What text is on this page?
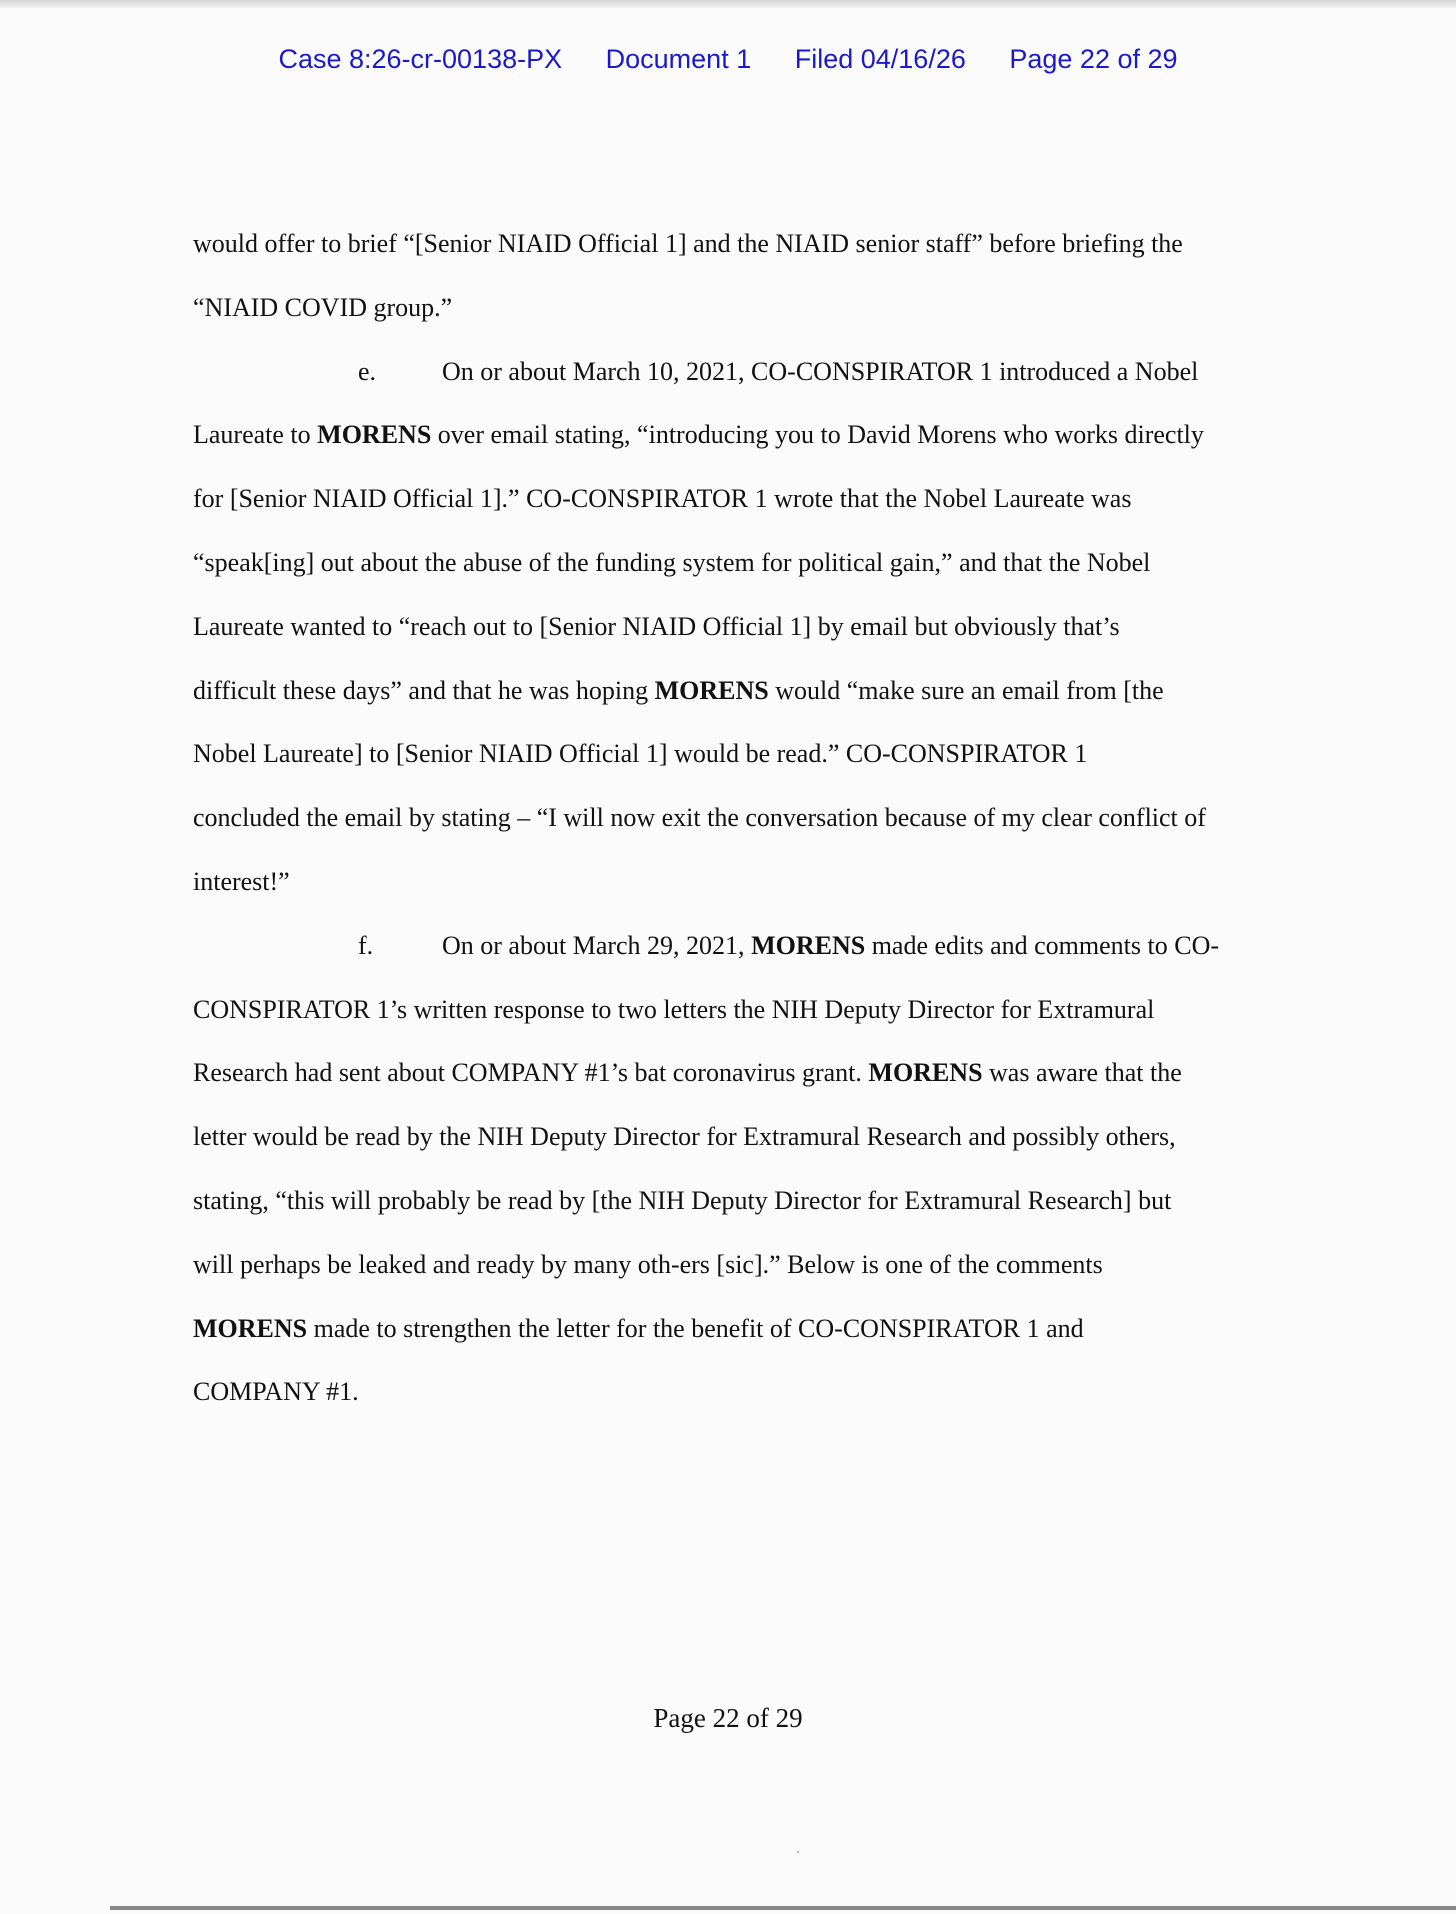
Case 8:26-cr-00138-PX Document 1 Filed 04/16/26 Page 22 of 29
would offer to brief “[Senior NIAID Official 1] and the NIAID senior staff” before briefing the
“NIAID COVID group.”
e.	On or about March 10, 2021, CO-CONSPIRATOR 1 introduced a Nobel
Laureate to MORENS over email stating, “introducing you to David Morens who works directly
for [Senior NIAID Official 1].” CO-CONSPIRATOR 1 wrote that the Nobel Laureate was
“speak[ing] out about the abuse of the funding system for political gain,” and that the Nobel
Laureate wanted to “reach out to [Senior NIAID Official 1] by email but obviously that’s
difficult these days” and that he was hoping MORENS would “make sure an email from [the
Nobel Laureate] to [Senior NIAID Official 1] would be read.” CO-CONSPIRATOR 1
concluded the email by stating – “I will now exit the conversation because of my clear conflict of
interest!”
f.	On or about March 29, 2021, MORENS made edits and comments to CO-
CONSPIRATOR 1’s written response to two letters the NIH Deputy Director for Extramural
Research had sent about COMPANY #1’s bat coronavirus grant. MORENS was aware that the
letter would be read by the NIH Deputy Director for Extramural Research and possibly others,
stating, “this will probably be read by [the NIH Deputy Director for Extramural Research] but
will perhaps be leaked and ready by many oth-ers [sic].” Below is one of the comments
MORENS made to strengthen the letter for the benefit of CO-CONSPIRATOR 1 and
COMPANY #1.
Page 22 of 29
